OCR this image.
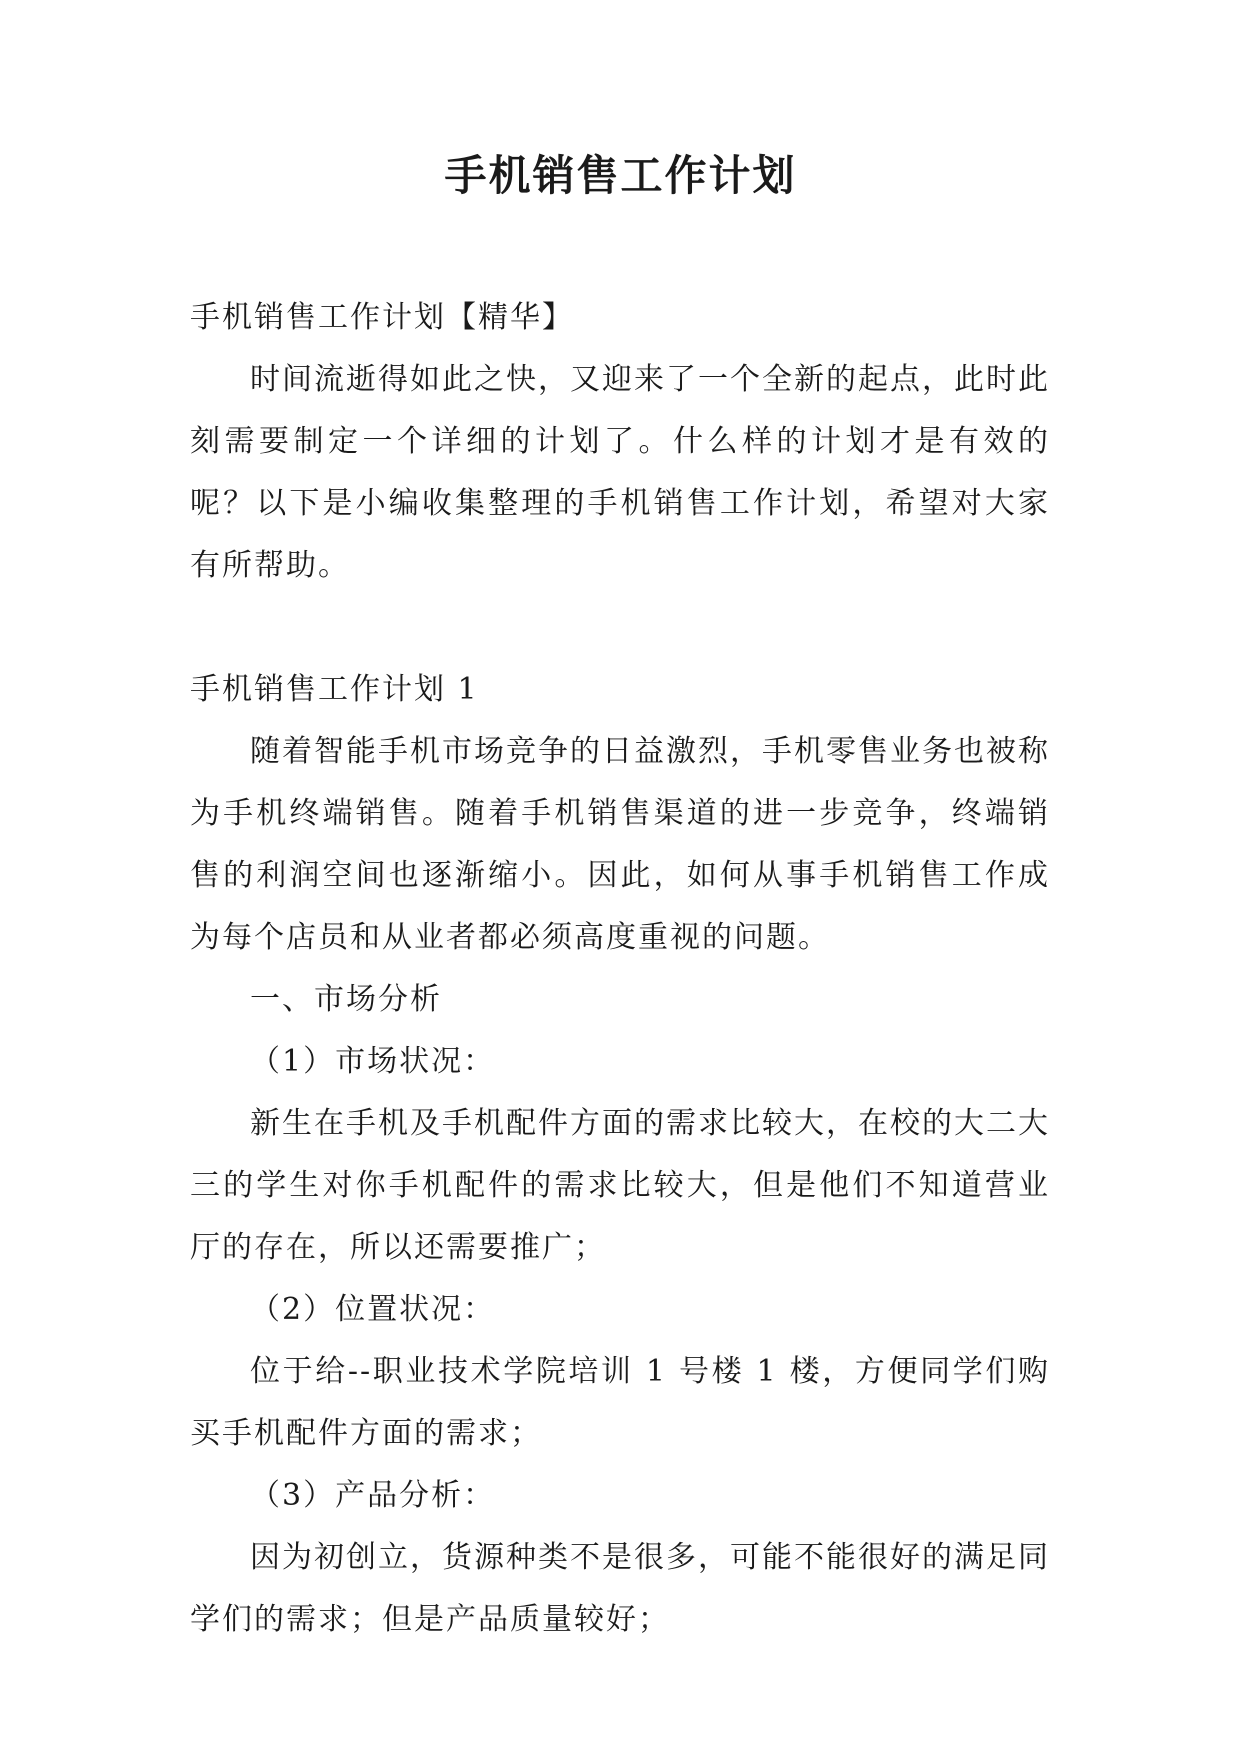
手机销售工作计划

手机销售工作计划【精华】

时间流逝得如此之快，又迎来了一个全新的起点，此时此刻需要制定一个详细的计划了。什么样的计划才是有效的呢？以下是小编收集整理的手机销售工作计划，希望对大家有所帮助。

手机销售工作计划 1

随着智能手机市场竞争的日益激烈，手机零售业务也被称为手机终端销售。随着手机销售渠道的进一步竞争，终端销售的利润空间也逐渐缩小。因此，如何从事手机销售工作成为每个店员和从业者都必须高度重视的问题。

一、市场分析

（1）市场状况：

新生在手机及手机配件方面的需求比较大，在校的大二大三的学生对你手机配件的需求比较大，但是他们不知道营业厅的存在，所以还需要推广；

（2）位置状况：

位于给--职业技术学院培训 1 号楼 1 楼，方便同学们购买手机配件方面的需求；

（3）产品分析：

因为初创立，货源种类不是很多，可能不能很好的满足同学们的需求；但是产品质量较好；
